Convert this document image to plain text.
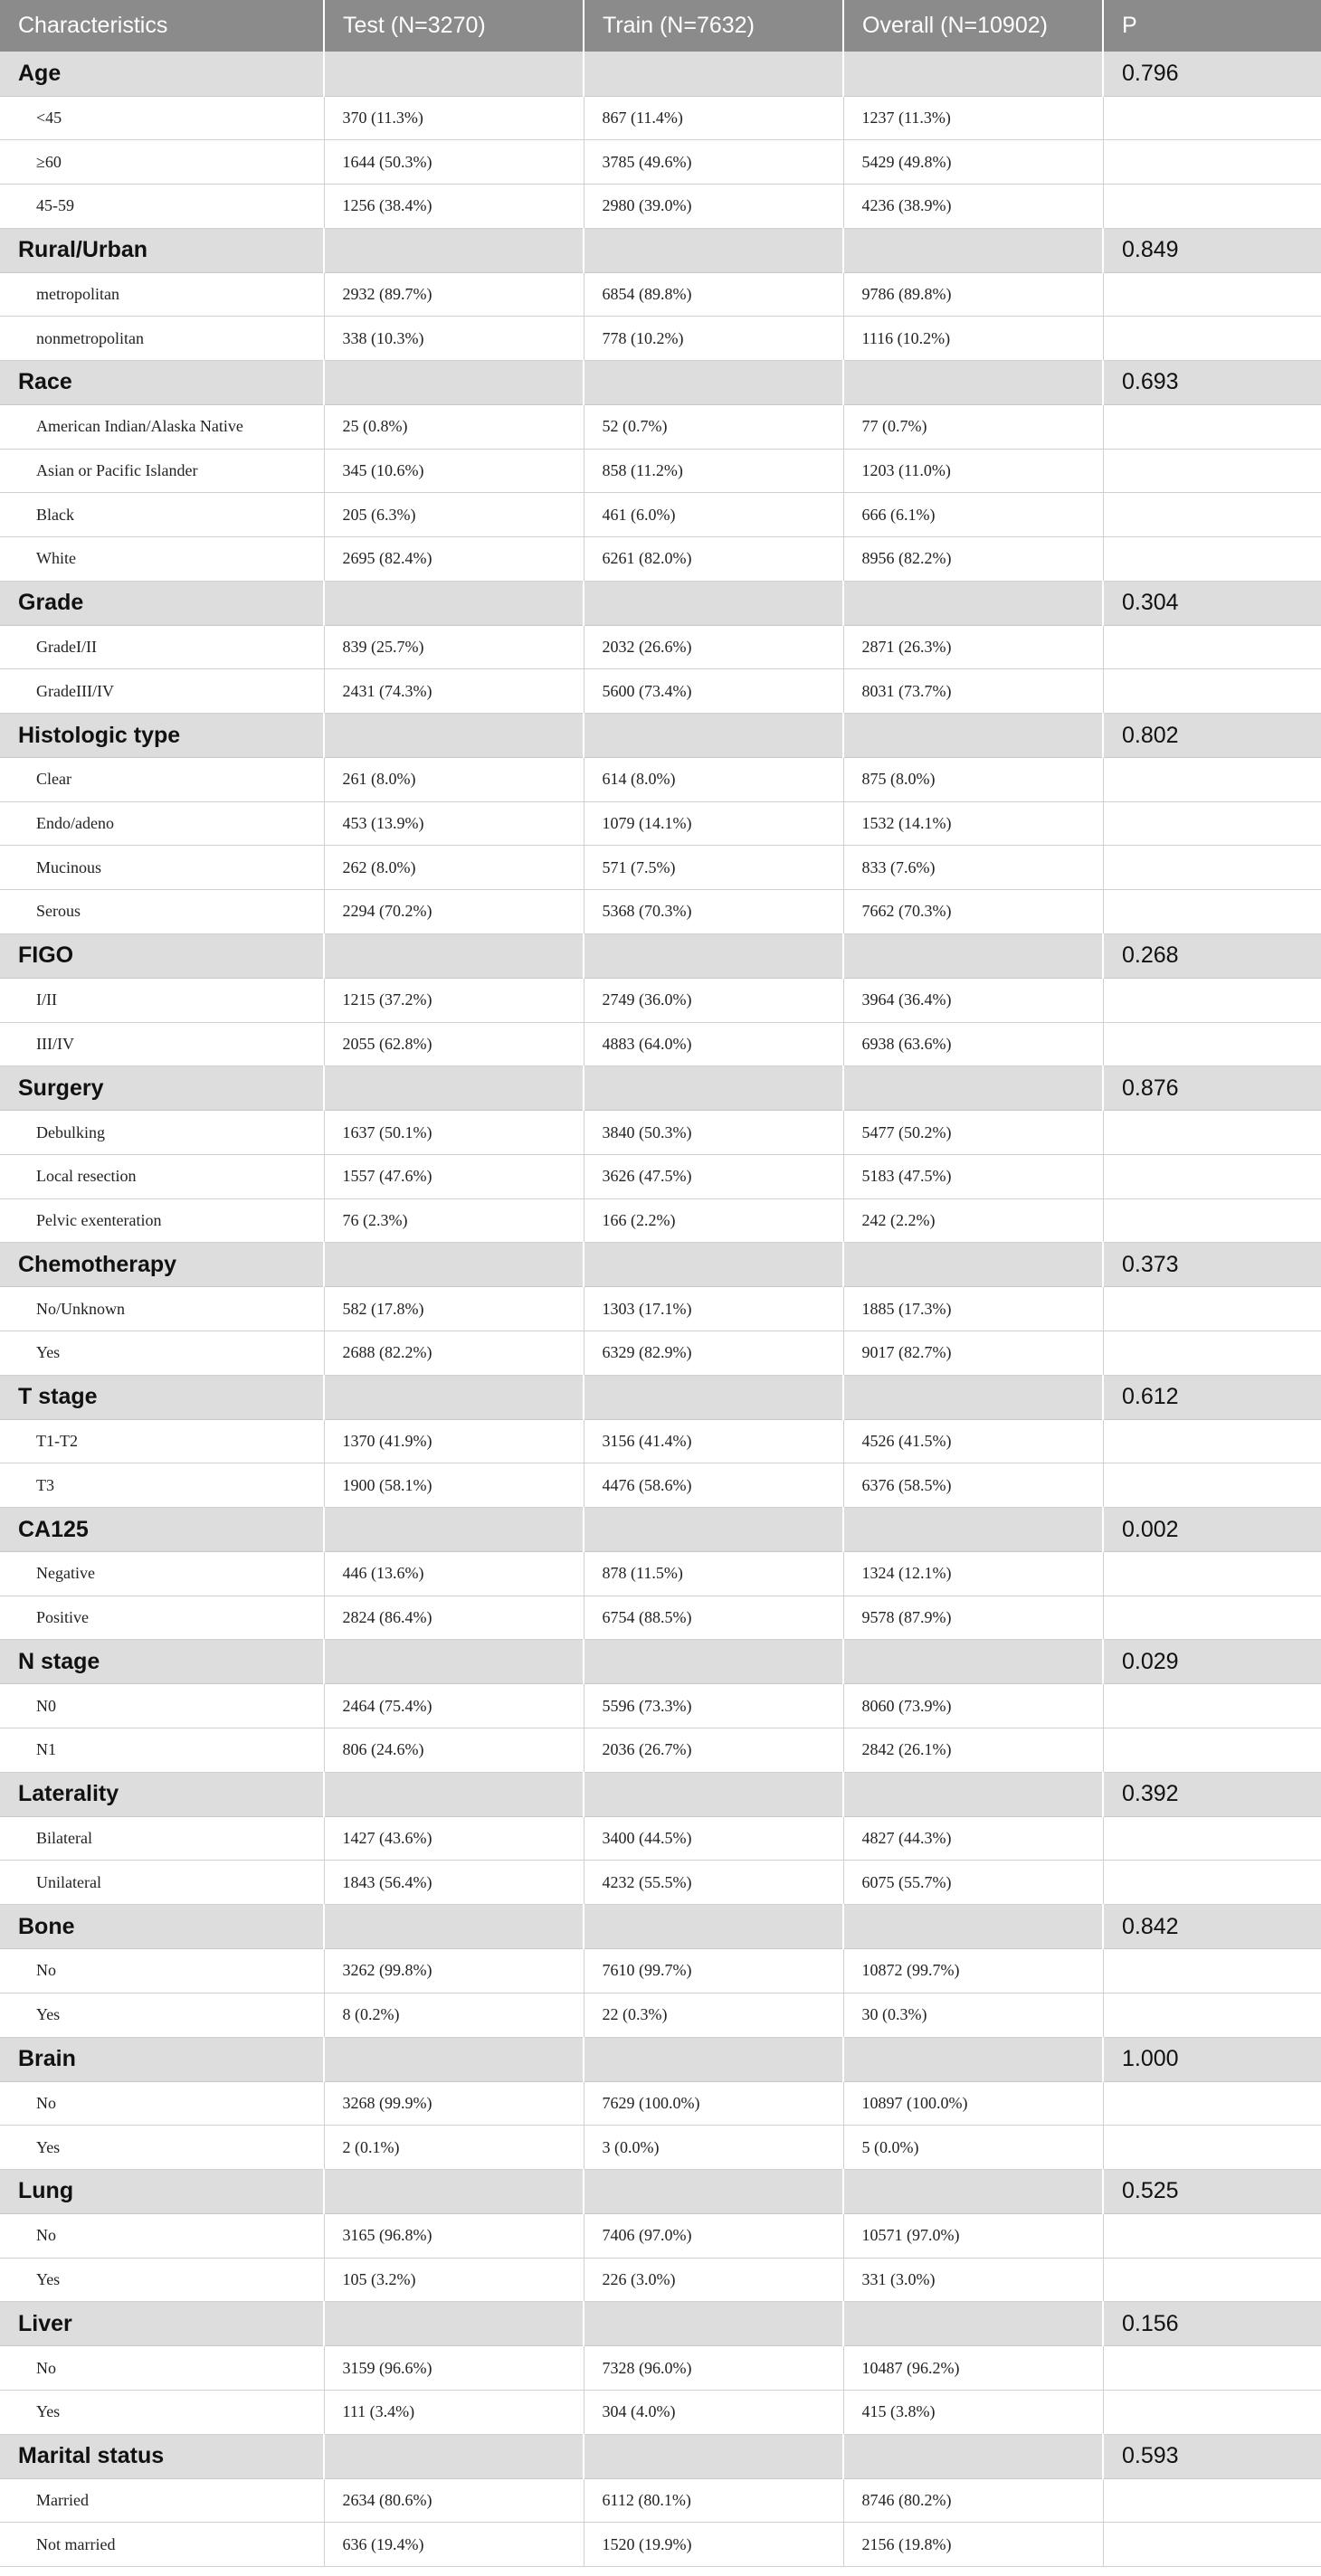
Characteristics	Test (N=3270)	Train (N=7632)	Overall (N=10902)	P
Age				0.796
<45	370 (11.3%)	867 (11.4%)	1237 (11.3%)	
≥60	1644 (50.3%)	3785 (49.6%)	5429 (49.8%)	
45-59	1256 (38.4%)	2980 (39.0%)	4236 (38.9%)	
Rural/Urban				0.849
metropolitan	2932 (89.7%)	6854 (89.8%)	9786 (89.8%)	
nonmetropolitan	338 (10.3%)	778 (10.2%)	1116 (10.2%)	
Race				0.693
American Indian/Alaska Native	25 (0.8%)	52 (0.7%)	77 (0.7%)	
Asian or Pacific Islander	345 (10.6%)	858 (11.2%)	1203 (11.0%)	
Black	205 (6.3%)	461 (6.0%)	666 (6.1%)	
White	2695 (82.4%)	6261 (82.0%)	8956 (82.2%)	
Grade				0.304
GradeI/II	839 (25.7%)	2032 (26.6%)	2871 (26.3%)	
GradeIII/IV	2431 (74.3%)	5600 (73.4%)	8031 (73.7%)	
Histologic type				0.802
Clear	261 (8.0%)	614 (8.0%)	875 (8.0%)	
Endo/adeno	453 (13.9%)	1079 (14.1%)	1532 (14.1%)	
Mucinous	262 (8.0%)	571 (7.5%)	833 (7.6%)	
Serous	2294 (70.2%)	5368 (70.3%)	7662 (70.3%)	
FIGO				0.268
I/II	1215 (37.2%)	2749 (36.0%)	3964 (36.4%)	
III/IV	2055 (62.8%)	4883 (64.0%)	6938 (63.6%)	
Surgery				0.876
Debulking	1637 (50.1%)	3840 (50.3%)	5477 (50.2%)	
Local resection	1557 (47.6%)	3626 (47.5%)	5183 (47.5%)	
Pelvic exenteration	76 (2.3%)	166 (2.2%)	242 (2.2%)	
Chemotherapy				0.373
No/Unknown	582 (17.8%)	1303 (17.1%)	1885 (17.3%)	
Yes	2688 (82.2%)	6329 (82.9%)	9017 (82.7%)	
T stage				0.612
T1-T2	1370 (41.9%)	3156 (41.4%)	4526 (41.5%)	
T3	1900 (58.1%)	4476 (58.6%)	6376 (58.5%)	
CA125				0.002
Negative	446 (13.6%)	878 (11.5%)	1324 (12.1%)	
Positive	2824 (86.4%)	6754 (88.5%)	9578 (87.9%)	
N stage				0.029
N0	2464 (75.4%)	5596 (73.3%)	8060 (73.9%)	
N1	806 (24.6%)	2036 (26.7%)	2842 (26.1%)	
Laterality				0.392
Bilateral	1427 (43.6%)	3400 (44.5%)	4827 (44.3%)	
Unilateral	1843 (56.4%)	4232 (55.5%)	6075 (55.7%)	
Bone				0.842
No	3262 (99.8%)	7610 (99.7%)	10872 (99.7%)	
Yes	8 (0.2%)	22 (0.3%)	30 (0.3%)	
Brain				1.000
No	3268 (99.9%)	7629 (100.0%)	10897 (100.0%)	
Yes	2 (0.1%)	3 (0.0%)	5 (0.0%)	
Lung				0.525
No	3165 (96.8%)	7406 (97.0%)	10571 (97.0%)	
Yes	105 (3.2%)	226 (3.0%)	331 (3.0%)	
Liver				0.156
No	3159 (96.6%)	7328 (96.0%)	10487 (96.2%)	
Yes	111 (3.4%)	304 (4.0%)	415 (3.8%)	
Marital status				0.593
Married	2634 (80.6%)	6112 (80.1%)	8746 (80.2%)	
Not married	636 (19.4%)	1520 (19.9%)	2156 (19.8%)	
